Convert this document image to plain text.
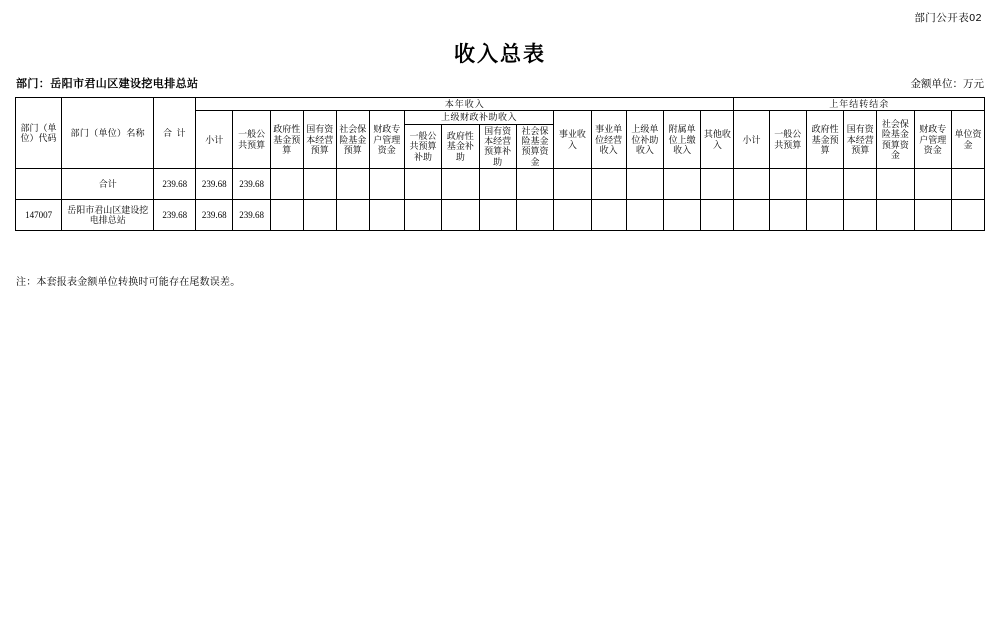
部门公开表02
收入总表
部门：岳阳市君山区建设挖电排总站	金额单位：万元
部门（单位）代码	部门（单位）名称	合 计	本年收入															上年结转结余						
			小计	一般公共预算	政府性基金预算	国有资本经营预算	社会保险基金预算	财政专户管理资金	上级财政补助收入				事业收入	事业单位经营收入	上级单位补助收入	附属单位上缴收入	其他收入	小计	一般公共预算	政府性基金预算	国有资本经营预算	社会保险基金预算资金	财政专户管理资金	单位资金
									一般公共预算补助	政府性基金补助	国有资本经营预算补助	社会保险基金预算资金												

	合计	239.68	239.68	239.68																				
147007	岳阳市君山区建设挖电排总站	239.68	239.68	239.68																				
注：本套报表金额单位转换时可能存在尾数误差。
